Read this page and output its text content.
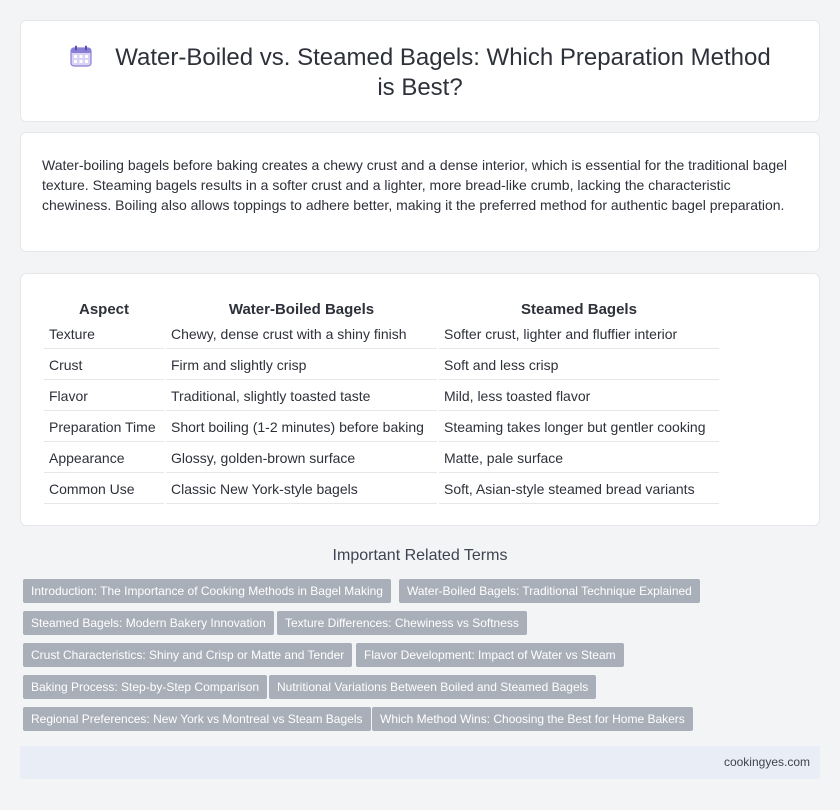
Water-Boiled vs. Steamed Bagels: Which Preparation Method is Best?

Water-boiling bagels before baking creates a chewy crust and a dense interior, which is essential for the traditional bagel texture. Steaming bagels results in a softer crust and a lighter, more bread-like crumb, lacking the characteristic chewiness. Boiling also allows toppings to adhere better, making it the preferred method for authentic bagel preparation.

Aspect	Water-Boiled Bagels	Steamed Bagels
Texture	Chewy, dense crust with a shiny finish	Softer crust, lighter and fluffier interior
Crust	Firm and slightly crisp	Soft and less crisp
Flavor	Traditional, slightly toasted taste	Mild, less toasted flavor
Preparation Time	Short boiling (1-2 minutes) before baking	Steaming takes longer but gentler cooking
Appearance	Glossy, golden-brown surface	Matte, pale surface
Common Use	Classic New York-style bagels	Soft, Asian-style steamed bread variants
Important Related Terms
Introduction: The Importance of Cooking Methods in Bagel Making	Water-Boiled Bagels: Traditional Technique Explained
Steamed Bagels: Modern Bakery Innovation	Texture Differences: Chewiness vs Softness
Crust Characteristics: Shiny and Crisp or Matte and Tender	Flavor Development: Impact of Water vs Steam
Baking Process: Step-by-Step Comparison	Nutritional Variations Between Boiled and Steamed Bagels
Regional Preferences: New York vs Montreal vs Steam Bagels	Which Method Wins: Choosing the Best for Home Bakers
cookingyes.com
